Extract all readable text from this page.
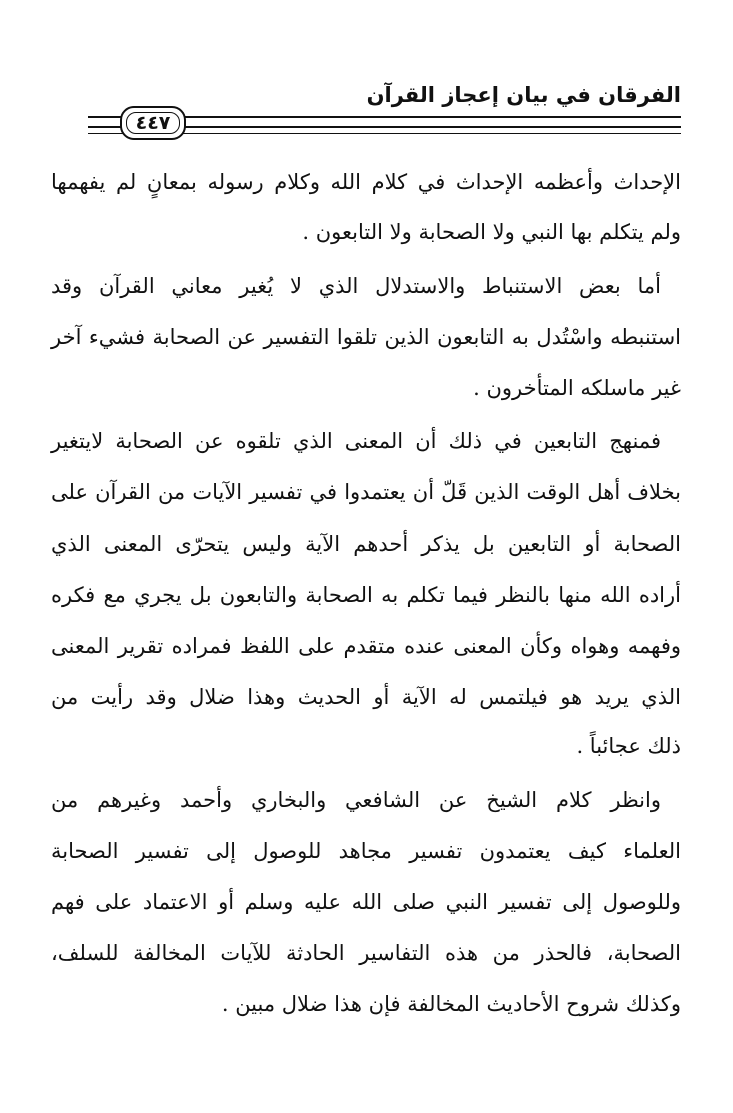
الفرقان في بيان إعجاز القرآن
٤٤٧
الإحداث وأعظمه الإحداث في كلام الله وكلام رسوله بمعانٍ لم يفهمها
ولم يتكلم بها النبي ولا الصحابة ولا التابعون .
أما بعض الاستنباط والاستدلال الذي لا يُغير معاني القرآن وقد
استنبطه واسْتُدل به التابعون الذين تلقوا التفسير عن الصحابة فشيء آخر
غير ماسلكه المتأخرون .
فمنهج التابعين في ذلك أن المعنى الذي تلقوه عن الصحابة لايتغير
بخلاف أهل الوقت الذين قَلّ أن يعتمدوا في تفسير الآيات من القرآن على
الصحابة أو التابعين بل يذكر أحدهم الآية وليس يتحرّى المعنى الذي
أراده الله منها بالنظر فيما تكلم به الصحابة والتابعون بل يجري مع فكره
وفهمه وهواه وكأن المعنى عنده متقدم على اللفظ فمراده تقرير المعنى
الذي يريد هو فيلتمس له الآية أو الحديث وهذا ضلال وقد رأيت من
ذلك عجائباً .
وانظر كلام الشيخ عن الشافعي والبخاري وأحمد وغيرهم من
العلماء كيف يعتمدون تفسير مجاهد للوصول إلى تفسير الصحابة
وللوصول إلى تفسير النبي صلى الله عليه وسلم أو الاعتماد على فهم
الصحابة، فالحذر من هذه التفاسير الحادثة للآيات المخالفة للسلف،
وكذلك شروح الأحاديث المخالفة فإن هذا ضلال مبين .
